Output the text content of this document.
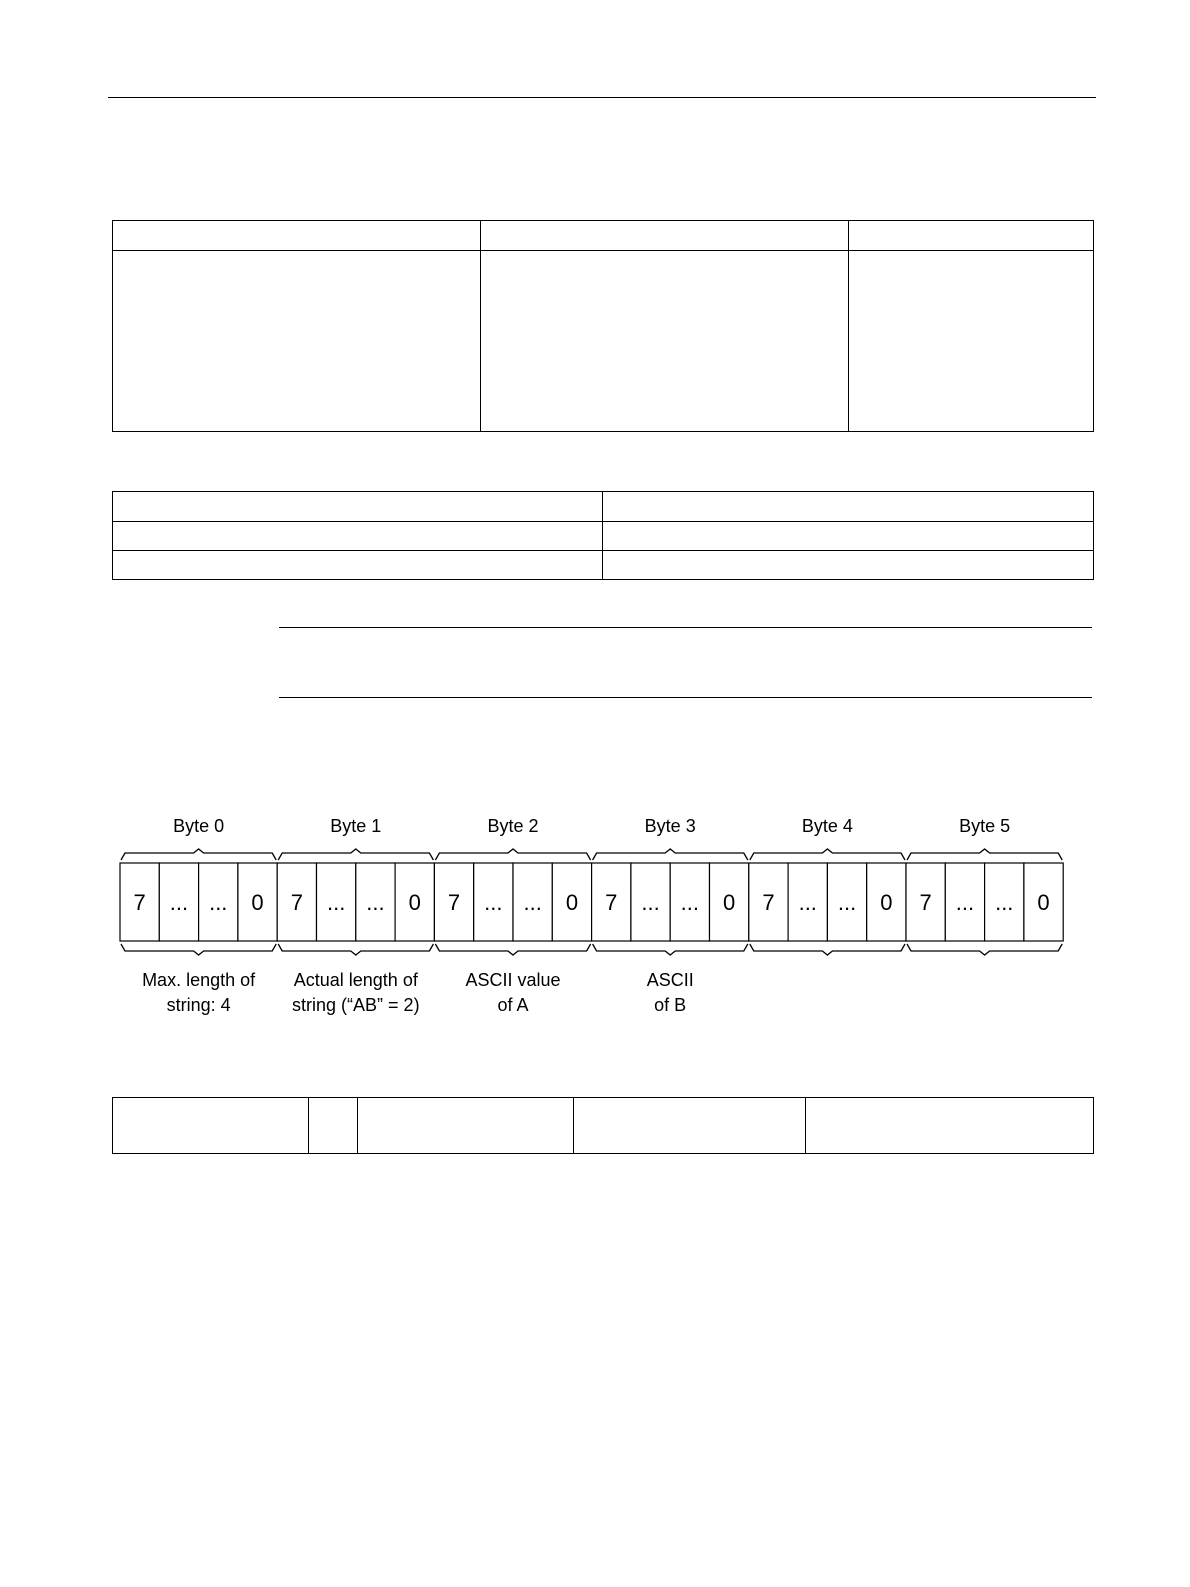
Byte 0
7 ... ... 0
Max. length of
string: 4
Byte 1
7 ... ... 0
Actual length of
string (“AB” = 2)
Byte 2
7 ... ... 0
ASCII value
of A
Byte 3
7 ... ... 0
ASCII
of B
Byte 4
7 ... ... 0
Byte 5
7 ... ... 0
